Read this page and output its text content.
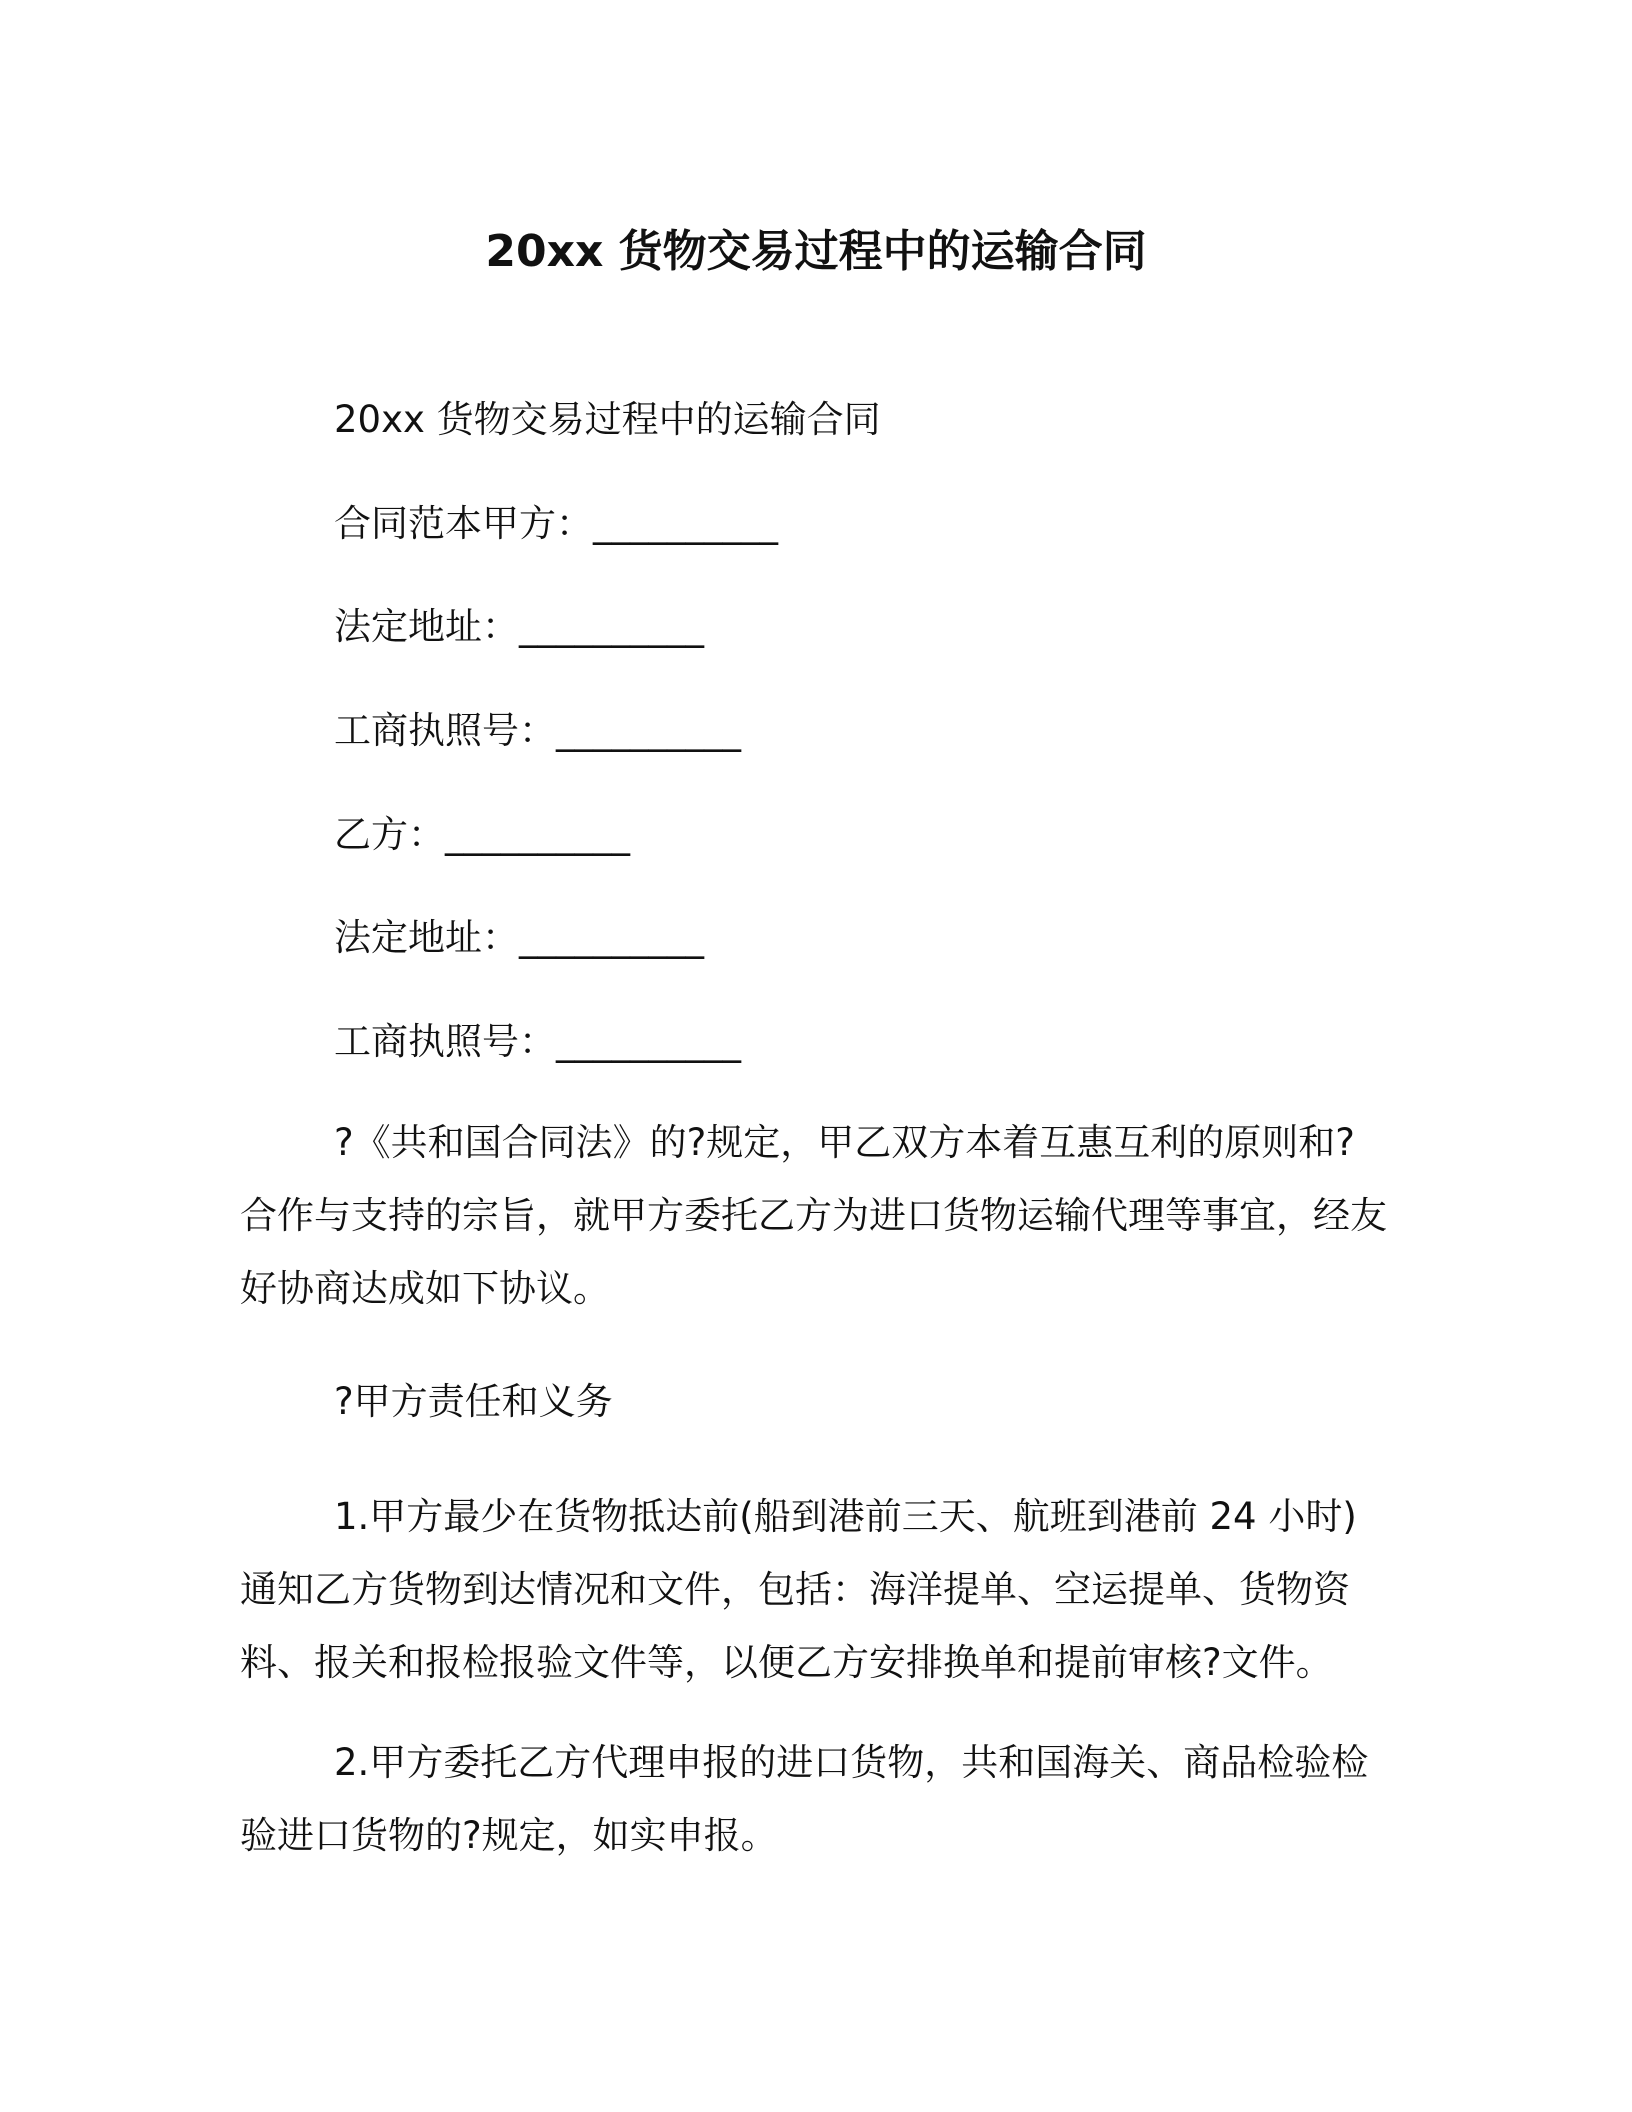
20xx 货物交易过程中的运输合同
20xx 货物交易过程中的运输合同
合同范本甲方：__________
法定地址：__________
工商执照号：__________
乙方：__________
法定地址：__________
工商执照号：__________

?《共和国合同法》的?规定，甲乙双方本着互惠互利的原则和?合作与支持的宗旨，就甲方委托乙方为进口货物运输代理等事宜，经友好协商达成如下协议。

?甲方责任和义务

1.甲方最少在货物抵达前(船到港前三天、航班到港前 24 小时)通知乙方货物到达情况和文件，包括：海洋提单、空运提单、货物资料、报关和报检报验文件等，以便乙方安排换单和提前审核?文件。

2.甲方委托乙方代理申报的进口货物，共和国海关、商品检验检验进口货物的?规定，如实申报。
